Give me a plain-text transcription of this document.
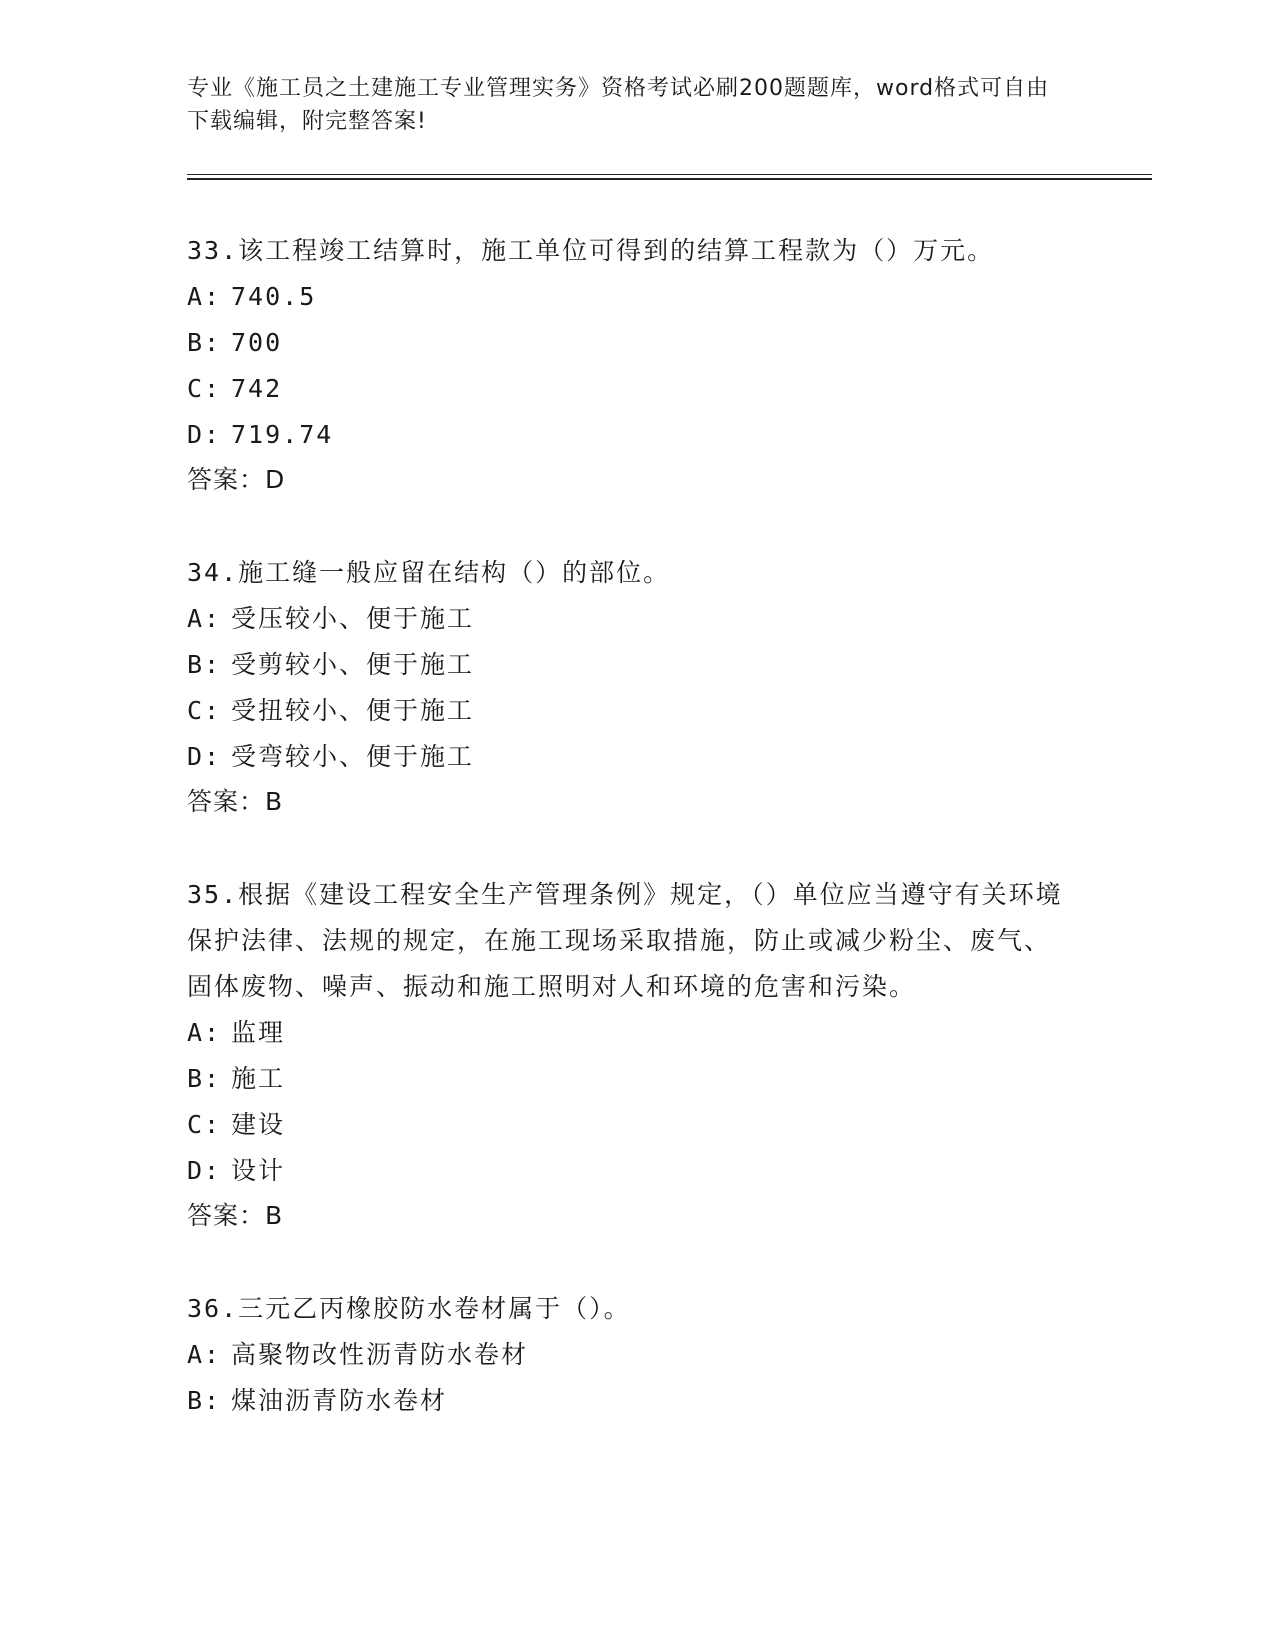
专业《施工员之土建施工专业管理实务》资格考试必刷200题题库，word格式可自由下载编辑，附完整答案!
33.该工程竣工结算时，施工单位可得到的结算工程款为（）万元。
A: 740.5
B: 700
C: 742
D: 719.74
答案：D
34.施工缝一般应留在结构（）的部位。
A: 受压较小、便于施工
B: 受剪较小、便于施工
C: 受扭较小、便于施工
D: 受弯较小、便于施工
答案：B
35.根据《建设工程安全生产管理条例》规定，（）单位应当遵守有关环境保护法律、法规的规定，在施工现场采取措施，防止或减少粉尘、废气、固体废物、噪声、振动和施工照明对人和环境的危害和污染。
A: 监理
B: 施工
C: 建设
D: 设计
答案：B
36.三元乙丙橡胶防水卷材属于（）。
A: 高聚物改性沥青防水卷材
B: 煤油沥青防水卷材
